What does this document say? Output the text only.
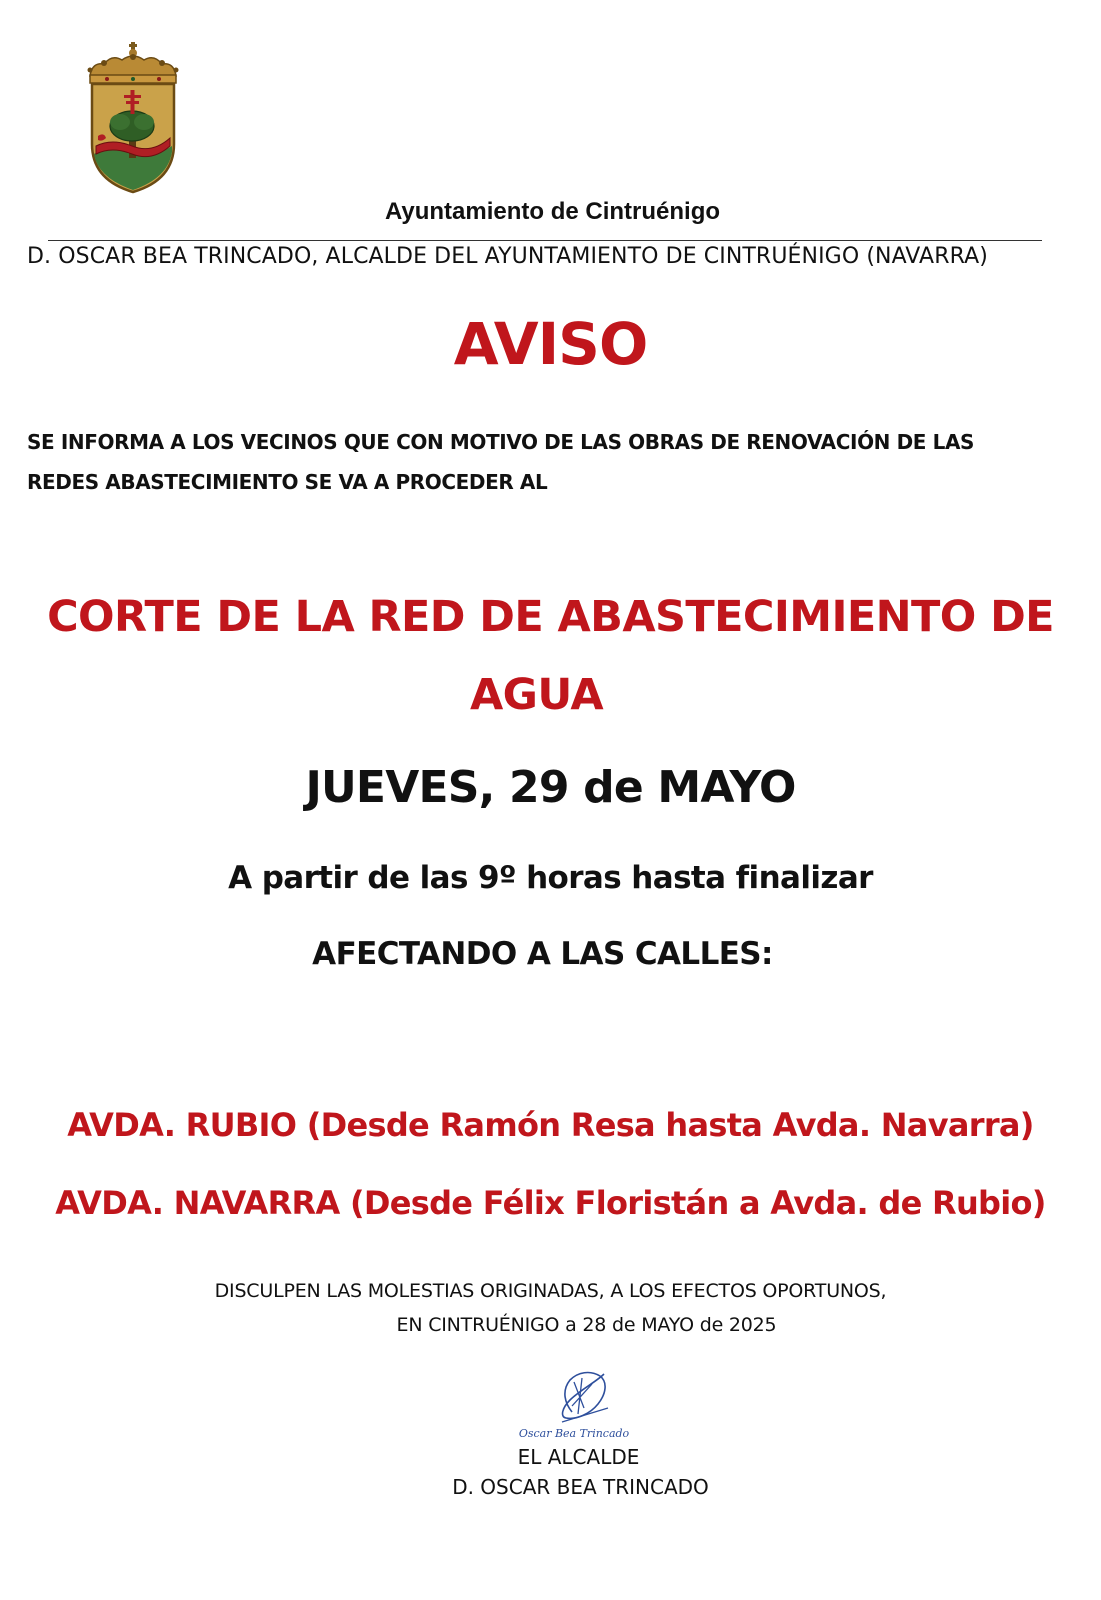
Ayuntamiento de Cintruénigo
D. OSCAR BEA TRINCADO, ALCALDE DEL AYUNTAMIENTO DE CINTRUÉNIGO (NAVARRA)
AVISO
SE INFORMA A LOS VECINOS QUE CON MOTIVO DE LAS OBRAS DE RENOVACIÓN DE LAS
REDES ABASTECIMIENTO SE VA A PROCEDER AL
CORTE DE LA RED DE ABASTECIMIENTO DE
AGUA
JUEVES, 29 de MAYO
A partir de las 9º horas hasta finalizar
AFECTANDO A LAS CALLES:
AVDA. RUBIO (Desde Ramón Resa hasta Avda. Navarra)
AVDA. NAVARRA (Desde Félix Floristán a Avda. de Rubio)
DISCULPEN LAS MOLESTIAS ORIGINADAS, A LOS EFECTOS OPORTUNOS,
EN CINTRUÉNIGO a 28 de MAYO de 2025
Oscar Bea Trincado
EL ALCALDE
D. OSCAR BEA TRINCADO
